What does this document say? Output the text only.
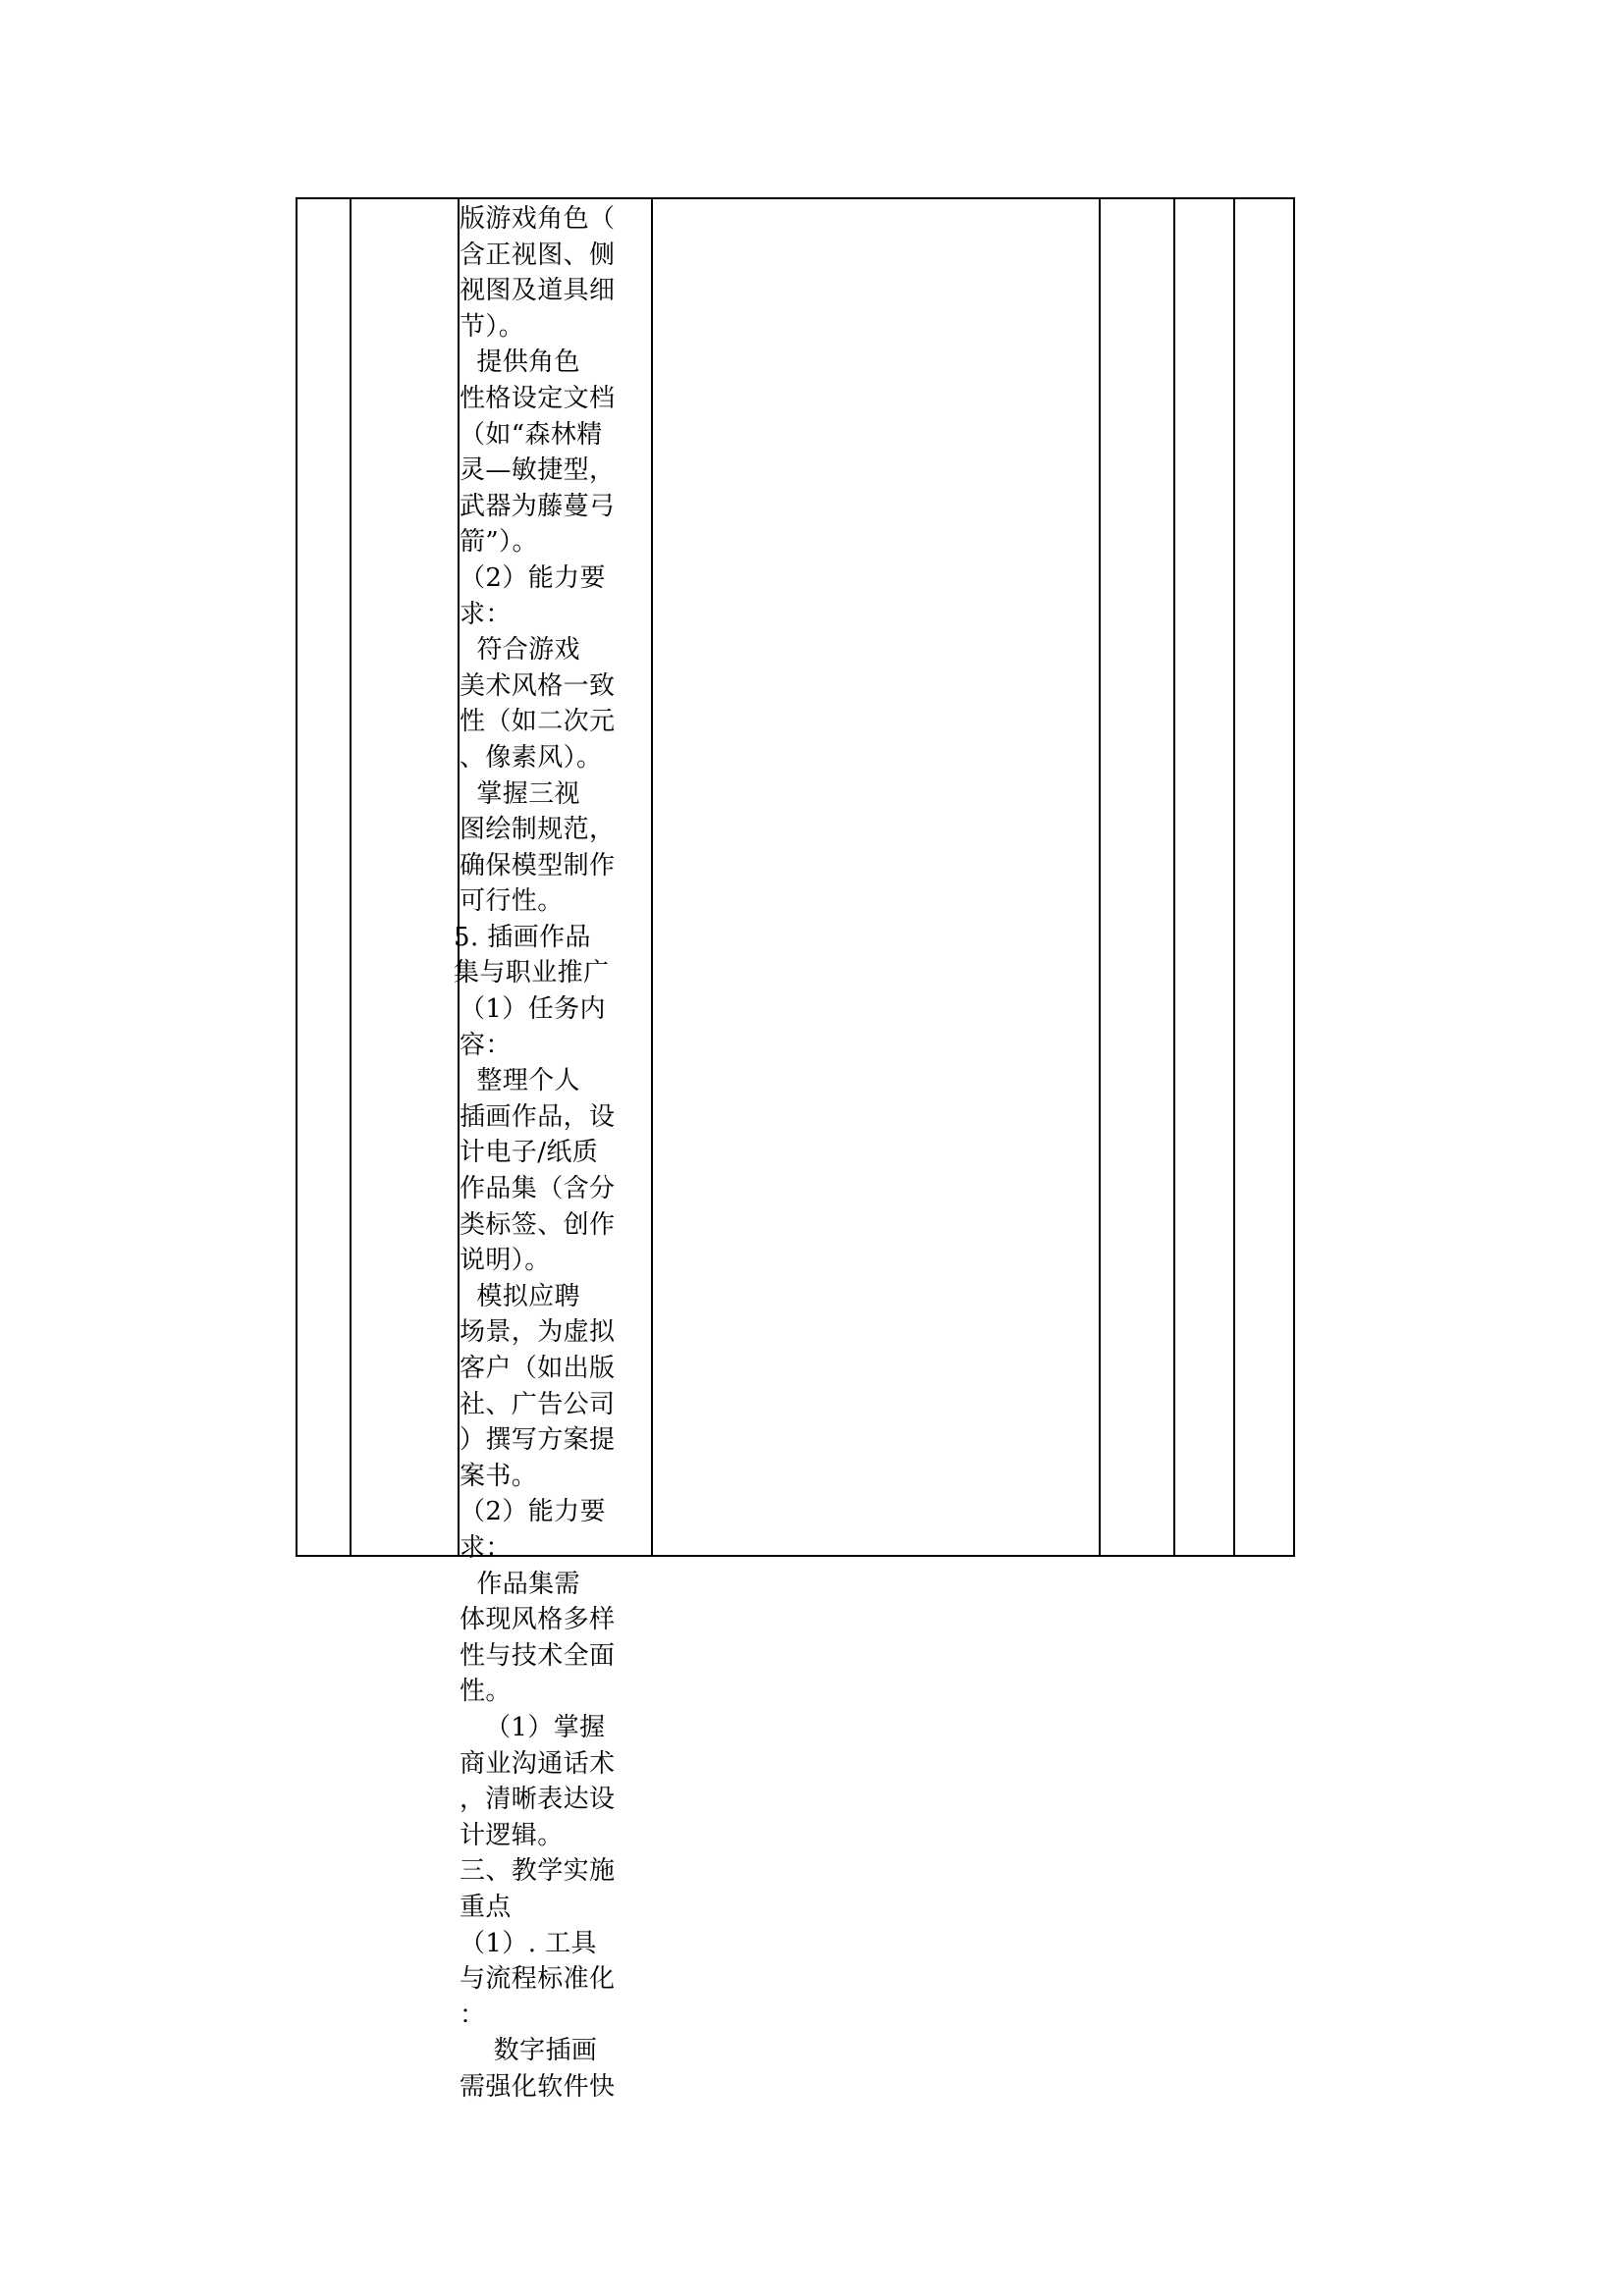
版游戏角色（
含正视图、侧
视图及道具细
节）。
提供角色
性格设定文档
（如“森林精
灵—敏捷型，
武器为藤蔓弓
箭”）。
（2）能力要
求：
符合游戏
美术风格一致
性（如二次元
、像素风）。
掌握三视
图绘制规范，
确保模型制作
可行性。
5. 插画作品
集与职业推广
（1）任务内
容：
整理个人
插画作品，设
计电子/纸质
作品集（含分
类标签、创作
说明）。
模拟应聘
场景，为虚拟
客户（如出版
社、广告公司
）撰写方案提
案书。
（2）能力要
求：
作品集需
体现风格多样
性与技术全面
性。
（1）掌握
商业沟通话术
，清晰表达设
计逻辑。
三、教学实施
重点
（1）. 工具
与流程标准化
：
数字插画
需强化软件快
